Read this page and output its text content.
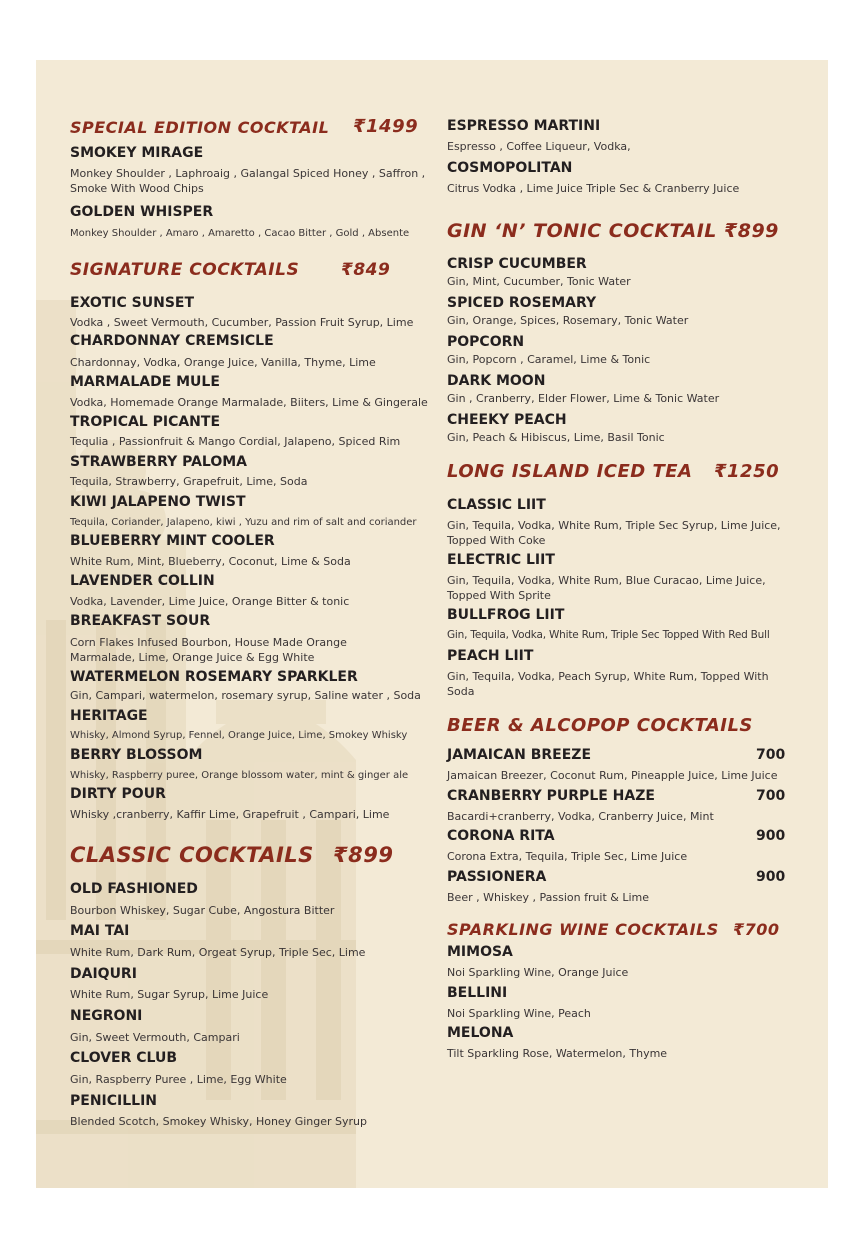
SPECIAL EDITION COCKTAIL ₹1499
SMOKEY MIRAGE
Monkey Shoulder , Laphroaig , Galangal Spiced Honey , Saffron , Smoke With Wood Chips
GOLDEN WHISPER
Monkey Shoulder , Amaro , Amaretto , Cacao Bitter , Gold , Absente
SIGNATURE COCKTAILS ₹849
EXOTIC SUNSET
Vodka , Sweet Vermouth, Cucumber, Passion Fruit Syrup, Lime
CHARDONNAY CREMSICLE
Chardonnay, Vodka, Orange Juice, Vanilla, Thyme, Lime
MARMALADE MULE
Vodka, Homemade Orange Marmalade, Biiters, Lime & Gingerale
TROPICAL PICANTE
Tequlia , Passionfruit & Mango Cordial, Jalapeno, Spiced Rim
STRAWBERRY PALOMA
Tequila, Strawberry, Grapefruit, Lime, Soda
KIWI JALAPENO TWIST
Tequila, Coriander, Jalapeno, kiwi , Yuzu and rim of salt and coriander
BLUEBERRY MINT COOLER
White Rum, Mint, Blueberry, Coconut, Lime & Soda
LAVENDER COLLIN
Vodka, Lavender, Lime Juice, Orange Bitter & tonic
BREAKFAST SOUR
Corn Flakes Infused Bourbon, House Made Orange Marmalade, Lime, Orange Juice & Egg White
WATERMELON ROSEMARY SPARKLER
Gin, Campari, watermelon, rosemary syrup, Saline water , Soda
HERITAGE
Whisky, Almond Syrup, Fennel, Orange Juice, Lime, Smokey Whisky
BERRY BLOSSOM
Whisky, Raspberry puree, Orange blossom water, mint & ginger ale
DIRTY POUR
Whisky ,cranberry, Kaffir Lime, Grapefruit , Campari, Lime
CLASSIC COCKTAILS ₹899
OLD FASHIONED
Bourbon Whiskey, Sugar Cube, Angostura Bitter
MAI TAI
White Rum, Dark Rum, Orgeat Syrup, Triple Sec, Lime
DAIQURI
White Rum, Sugar Syrup, Lime Juice
NEGRONI
Gin, Sweet Vermouth, Campari
CLOVER CLUB
Gin, Raspberry Puree , Lime, Egg White
PENICILLIN
Blended Scotch, Smokey Whisky, Honey Ginger Syrup
ESPRESSO MARTINI
Espresso , Coffee Liqueur, Vodka,
COSMOPOLITAN
Citrus Vodka , Lime Juice Triple Sec & Cranberry Juice
GIN ‘N’ TONIC COCKTAIL ₹899
CRISP CUCUMBER
Gin, Mint, Cucumber, Tonic Water
SPICED ROSEMARY
Gin, Orange, Spices, Rosemary, Tonic Water
POPCORN
Gin, Popcorn , Caramel, Lime & Tonic
DARK MOON
Gin , Cranberry, Elder Flower, Lime & Tonic Water
CHEEKY PEACH
Gin, Peach & Hibiscus, Lime, Basil Tonic
LONG ISLAND ICED TEA ₹1250
CLASSIC LIIT
Gin, Tequila, Vodka, White Rum, Triple Sec Syrup, Lime Juice, Topped With Coke
ELECTRIC LIIT
Gin, Tequila, Vodka, White Rum, Blue Curacao, Lime Juice, Topped With Sprite
BULLFROG LIIT
Gin, Tequila, Vodka, White Rum, Triple Sec Topped With Red Bull
PEACH LIIT
Gin, Tequila, Vodka, Peach Syrup, White Rum, Topped With Soda
BEER & ALCOPOP COCKTAILS
JAMAICAN BREEZE	700
Jamaican Breezer, Coconut Rum, Pineapple Juice, Lime Juice
CRANBERRY PURPLE HAZE	700
Bacardi+cranberry, Vodka, Cranberry Juice, Mint
CORONA RITA	900
Corona Extra, Tequila, Triple Sec, Lime Juice
PASSIONERA	900
Beer , Whiskey , Passion fruit & Lime
SPARKLING WINE COCKTAILS ₹700
MIMOSA
Noi Sparkling Wine, Orange Juice
BELLINI
Noi Sparkling Wine, Peach
MELONA
Tilt Sparkling Rose, Watermelon, Thyme
